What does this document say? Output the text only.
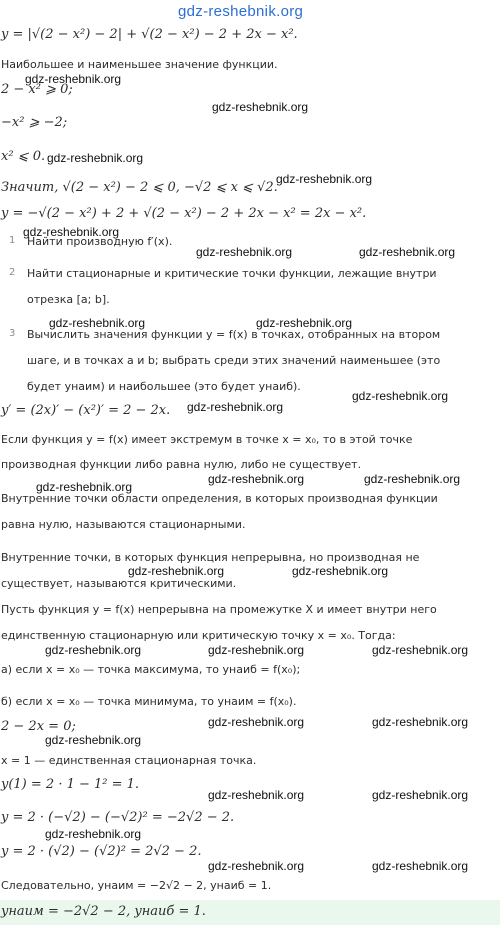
gdz-reshebnik.org
y = |√(2 − x²) − 2| + √(2 − x²) − 2 + 2x − x².
Наибольшее и наименьшее значение функции.
2 − x² ⩾ 0;
−x² ⩾ −2;
x² ⩽ 0.
Значит, √(2 − x²) − 2 ⩽ 0, −√2 ⩽ x ⩽ √2.
y = −√(2 − x²) + 2 + √(2 − x²) − 2 + 2x − x² = 2x − x².
1 Найти производную f′(x).
2 Найти стационарные и критические точки функции, лежащие внутри
отрезка [a; b].
3 Вычислить значения функции y = f(x) в точках, отобранных на втором
шаге, и в точках a и b; выбрать среди этих значений наименьшее (это
будет yнаим) и наибольшее (это будет yнаиб).
y′ = (2x)′ − (x²)′ = 2 − 2x.
Если функция y = f(x) имеет экстремум в точке x = x₀, то в этой точке
производная функции либо равна нулю, либо не существует.
Внутренние точки области определения, в которых производная функции
равна нулю, называются стационарными.
Внутренние точки, в которых функция непрерывна, но производная не
существует, называются критическими.
Пусть функция y = f(x) непрерывна на промежутке X и имеет внутри него
единственную стационарную или критическую точку x = x₀. Тогда:
а) если x = x₀ — точка максимума, то yнаиб = f(x₀);
б) если x = x₀ — точка минимума, то yнаим = f(x₀).
2 − 2x = 0;
x = 1 — единственная стационарная точка.
y(1) = 2 · 1 − 1² = 1.
y = 2 · (−√2) − (−√2)² = −2√2 − 2.
y = 2 · (√2) − (√2)² = 2√2 − 2.
Следовательно, yнаим = −2√2 − 2, yнаиб = 1.
yнаим = −2√2 − 2, yнаиб = 1.
gdz-reshebnik.org
gdz-reshebnik.org
gdz-reshebnik.org
gdz-reshebnik.org
gdz-reshebnik.org
gdz-reshebnik.org	gdz-reshebnik.org
gdz-reshebnik.org	gdz-reshebnik.org
gdz-reshebnik.org
gdz-reshebnik.org
gdz-reshebnik.org	gdz-reshebnik.org
gdz-reshebnik.org
gdz-reshebnik.org	gdz-reshebnik.org
gdz-reshebnik.org	gdz-reshebnik.org	gdz-reshebnik.org
gdz-reshebnik.org	gdz-reshebnik.org
gdz-reshebnik.org
gdz-reshebnik.org	gdz-reshebnik.org
gdz-reshebnik.org
gdz-reshebnik.org	gdz-reshebnik.org
